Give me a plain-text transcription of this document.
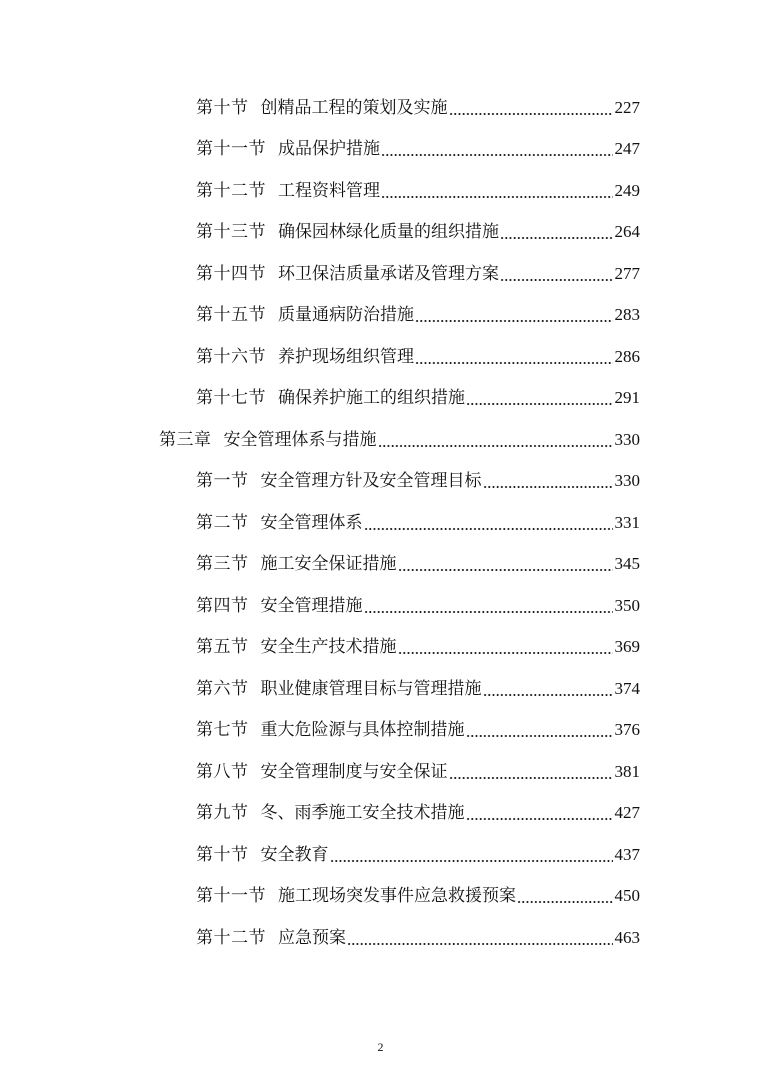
第十节 创精品工程的策划及实施	227
第十一节 成品保护措施	247
第十二节 工程资料管理	249
第十三节 确保园林绿化质量的组织措施	264
第十四节 环卫保洁质量承诺及管理方案	277
第十五节 质量通病防治措施	283
第十六节 养护现场组织管理	286
第十七节 确保养护施工的组织措施	291
第三章 安全管理体系与措施	330
第一节 安全管理方针及安全管理目标	330
第二节 安全管理体系	331
第三节 施工安全保证措施	345
第四节 安全管理措施	350
第五节 安全生产技术措施	369
第六节 职业健康管理目标与管理措施	374
第七节 重大危险源与具体控制措施	376
第八节 安全管理制度与安全保证	381
第九节 冬、雨季施工安全技术措施	427
第十节 安全教育	437
第十一节 施工现场突发事件应急救援预案	450
第十二节 应急预案	463
2
